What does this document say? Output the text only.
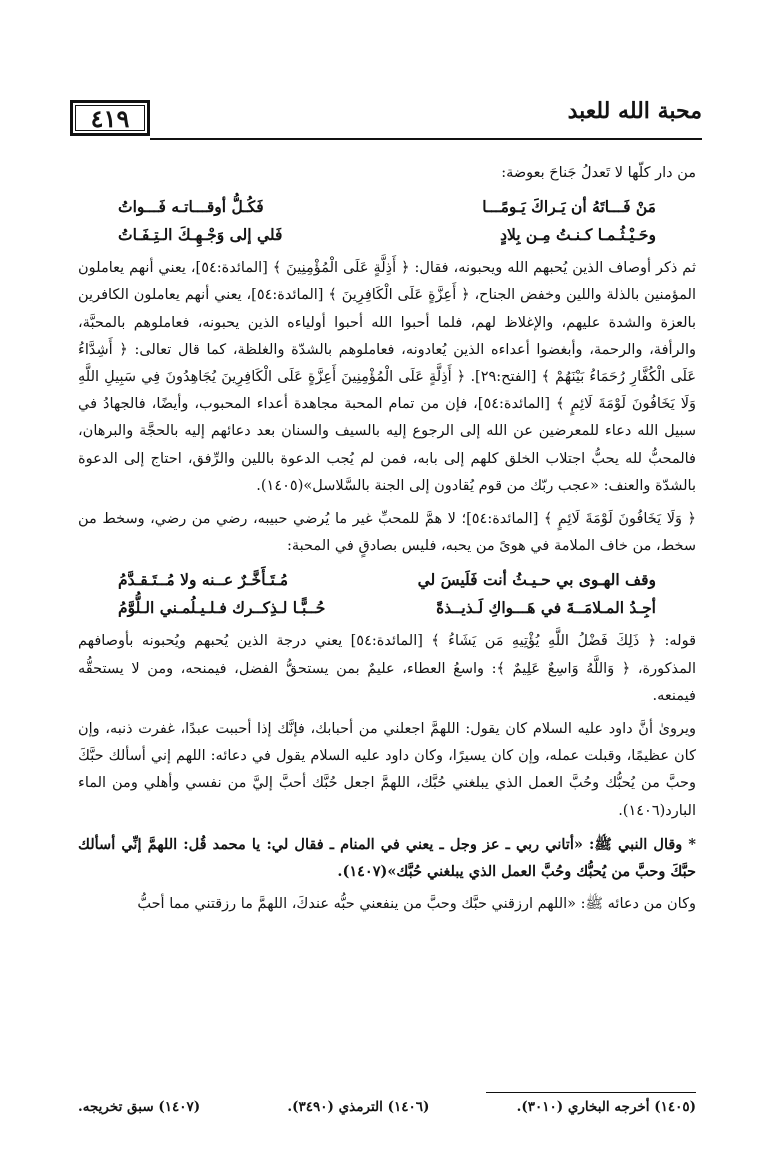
٤١٩	محبة الله للعبد

من دار كلّها لا تَعدلُ جَناحَ بعوضة:

مَنْ فَـــاتَهُ أن يَـراكَ يَـومًـــا
فَكُـلُّ أوقـــاتـه فَـــواتُ
وحَـيْـثُـمـا كـنـتُ مِـن بِلادٍ
فَلي إلى وَجْـهِـكَ الـتِـفَـاتُ

ثم ذكر أوصاف الذين يُحبهم الله ويحبونه، فقال: ﴿ أَذِلَّةٍ عَلَى الْمُؤْمِنِينَ ﴾ [المائدة:٥٤]، يعني أنهم يعاملون المؤمنين بالذلة واللين وخفض الجناح، ﴿ أَعِزَّةٍ عَلَى الْكَافِرِينَ ﴾ [المائدة:٥٤]، يعني أنهم يعاملون الكافرين بالعزة والشدة عليهم، والإغلاظ لهم، فلما أحبوا الله أحبوا أولياءه الذين يحبونه، فعاملوهم بالمحبَّة، والرأفة، والرحمة، وأبغضوا أعداءه الذين يُعادونه، فعاملوهم بالشدّة والغلظة، كما قال تعالى: ﴿ أَشِدَّاءُ عَلَى الْكُفَّارِ رُحَمَاءُ بَيْنَهُمْ ﴾ [الفتح:٢٩]. ﴿ أَذِلَّةٍ عَلَى الْمُؤْمِنِينَ أَعِزَّةٍ عَلَى الْكَافِرِينَ يُجَاهِدُونَ فِي سَبِيلِ اللَّهِ وَلَا يَخَافُونَ لَوْمَةَ لَائِمٍ ﴾ [المائدة:٥٤]، فإن من تمام المحبة مجاهدة أعداء المحبوب، وأيضًا، فالجهادُ في سبيل الله دعاء للمعرضين عن الله إلى الرجوع إليه بالسيف والسنان بعد دعائهم إليه بالحجَّة والبرهان، فالمحبُّ لله يحبُّ اجتلاب الخلق كلهم إلى بابه، فمن لم يُجب الدعوة باللين والرِّفق، احتاج إلى الدعوة بالشدّة والعنف: «عجب ربّك من قوم يُقادون إلى الجنة بالسَّلاسل»(١٤٠٥).

﴿ وَلَا يَخَافُونَ لَوْمَةَ لَائِمٍ ﴾ [المائدة:٥٤]؛ لا همَّ للمحبِّ غير ما يُرضي حبيبه، رضي من رضي، وسخط من سخط، من خاف الملامة في هوىً من يحبه، فليس بصادقٍ في المحبة:

وقف الهـوى بي حـيـثُ أنت فَلَيسَ لي
مُـتَـأَخَّـرٌ عــنه ولا مُــتَـقـدَّمُ
أجِـدُ المـلامَــةَ في هَـــواكِ لَـذيــذةً
حُــبًّـا لـذِكــرك فـلـيـلُمـني الـلُّوَّمُ

قوله: ﴿ ذَلِكَ فَضْلُ اللَّهِ يُؤْتِيهِ مَن يَشَاءُ ﴾ [المائدة:٥٤] يعني درجة الذين يُحبهم ويُحبونه بأوصافهم المذكورة، ﴿ وَاللَّهُ وَاسِعٌ عَلِيمٌ ﴾: واسعُ العطاء، عليمٌ بمن يستحقُّ الفضل، فيمنحه، ومن لا يستحقُّه فيمنعه.

ويروىٰ أنَّ داود عليه السلام كان يقول: اللهمَّ اجعلني من أحبابك، فإنَّك إذا أحببت عبدًا، غفرت ذنبه، وإن كان عظيمًا، وقبلت عمله، وإن كان يسيرًا، وكان داود عليه السلام يقول في دعائه: اللهم إني أسألك حبَّكَ وحبَّ من يُحبُّك وحُبَّ العمل الذي يبلغني حُبَّك، اللهمَّ اجعل حُبَّك أحبَّ إليَّ من نفسي وأهلي ومن الماء البارد(١٤٠٦).

* وقال النبي ﷺ: «أتاني ربي ـ عز وجل ـ يعني في المنام ـ فقال لي: يا محمد قُل: اللهمَّ إنِّي أسألك حبَّكَ وحبَّ من يُحبُّك وحُبَّ العمل الذي يبلغني حُبَّك»(١٤٠٧).

وكان من دعائه ﷺ: «اللهم ارزقني حبَّك وحبَّ من ينفعني حبُّه عندكَ، اللهمَّ ما رزقتني مما أحبُّ

(١٤٠٥) أخرجه البخاري (٣٠١٠).
(١٤٠٦) الترمذي (٣٤٩٠).
(١٤٠٧) سبق تخريجه.
